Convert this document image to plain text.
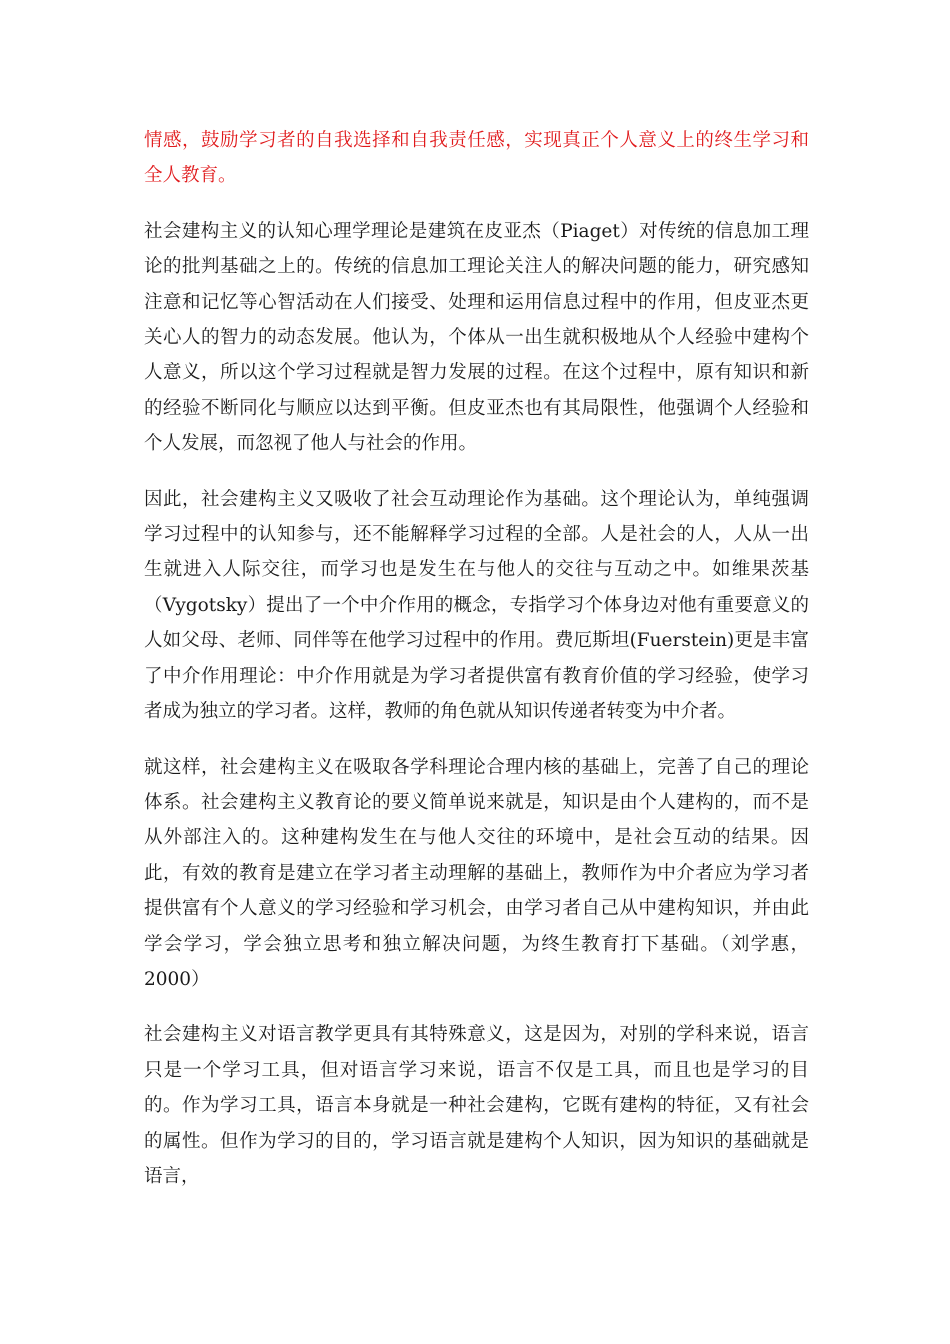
情感，鼓励学习者的自我选择和自我责任感，实现真正个人意义上的终生学习和全人教育。

社会建构主义的认知心理学理论是建筑在皮亚杰（Piaget）对传统的信息加工理论的批判基础之上的。传统的信息加工理论关注人的解决问题的能力，研究感知注意和记忆等心智活动在人们接受、处理和运用信息过程中的作用，但皮亚杰更关心人的智力的动态发展。他认为，个体从一出生就积极地从个人经验中建构个人意义，所以这个学习过程就是智力发展的过程。在这个过程中，原有知识和新的经验不断同化与顺应以达到平衡。但皮亚杰也有其局限性，他强调个人经验和个人发展，而忽视了他人与社会的作用。

因此，社会建构主义又吸收了社会互动理论作为基础。这个理论认为，单纯强调学习过程中的认知参与，还不能解释学习过程的全部。人是社会的人，人从一出生就进入人际交往，而学习也是发生在与他人的交往与互动之中。如维果茨基（Vygotsky）提出了一个中介作用的概念，专指学习个体身边对他有重要意义的人如父母、老师、同伴等在他学习过程中的作用。费厄斯坦(Fuerstein)更是丰富了中介作用理论：中介作用就是为学习者提供富有教育价值的学习经验，使学习者成为独立的学习者。这样，教师的角色就从知识传递者转变为中介者。

就这样，社会建构主义在吸取各学科理论合理内核的基础上，完善了自己的理论体系。社会建构主义教育论的要义简单说来就是，知识是由个人建构的，而不是从外部注入的。这种建构发生在与他人交往的环境中，是社会互动的结果。因此，有效的教育是建立在学习者主动理解的基础上，教师作为中介者应为学习者提供富有个人意义的学习经验和学习机会，由学习者自己从中建构知识，并由此学会学习，学会独立思考和独立解决问题，为终生教育打下基础。（刘学惠，2000）

社会建构主义对语言教学更具有其特殊意义，这是因为，对别的学科来说，语言只是一个学习工具，但对语言学习来说，语言不仅是工具，而且也是学习的目的。作为学习工具，语言本身就是一种社会建构，它既有建构的特征，又有社会的属性。但作为学习的目的，学习语言就是建构个人知识，因为知识的基础就是语言，
